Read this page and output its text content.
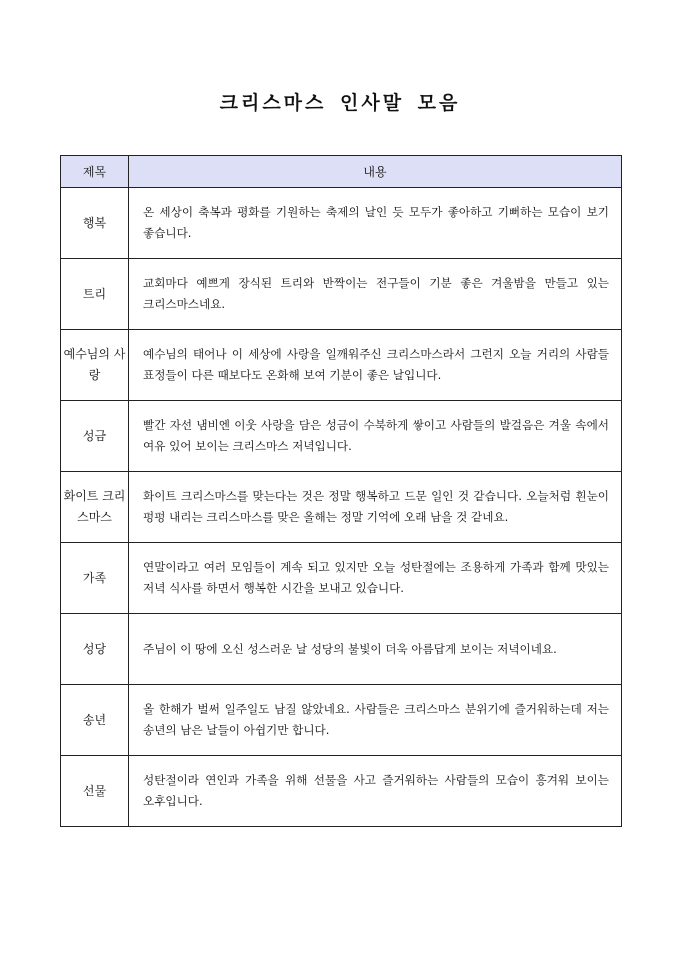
크리스마스 인사말 모음
제목	내용
행복	온 세상이 축복과 평화를 기원하는 축제의 날인 듯 모두가 좋아하고 기뻐하는 모습이 보기 좋습니다.
트리	교회마다 예쁘게 장식된 트리와 반짝이는 전구들이 기분 좋은 겨울밤을 만들고 있는 크리스마스네요.
예수님의 사랑	예수님의 태어나 이 세상에 사랑을 일깨워주신 크리스마스라서 그런지 오늘 거리의 사람들 표정들이 다른 때보다도 온화해 보여 기분이 좋은 날입니다.
성금	빨간 자선 냄비엔 이웃 사랑을 담은 성금이 수북하게 쌓이고 사람들의 발걸음은 겨울 속에서 여유 있어 보이는 크리스마스 저녁입니다.
화이트 크리스마스	화이트 크리스마스를 맞는다는 것은 정말 행복하고 드문 일인 것 같습니다. 오늘처럼 흰눈이 펑펑 내리는 크리스마스를 맞은 올해는 정말 기억에 오래 남을 것 같네요.
가족	연말이라고 여러 모임들이 계속 되고 있지만 오늘 성탄절에는 조용하게 가족과 함께 맛있는 저녁 식사를 하면서 행복한 시간을 보내고 있습니다.
성당	주님이 이 땅에 오신 성스러운 날 성당의 불빛이 더욱 아름답게 보이는 저녁이네요.
송년	올 한해가 벌써 일주일도 남질 않았네요. 사람들은 크리스마스 분위기에 즐거워하는데 저는 송년의 남은 날들이 아쉽기만 합니다.
선물	성탄절이라 연인과 가족을 위해 선물을 사고 즐거워하는 사람들의 모습이 흥겨워 보이는 오후입니다.
